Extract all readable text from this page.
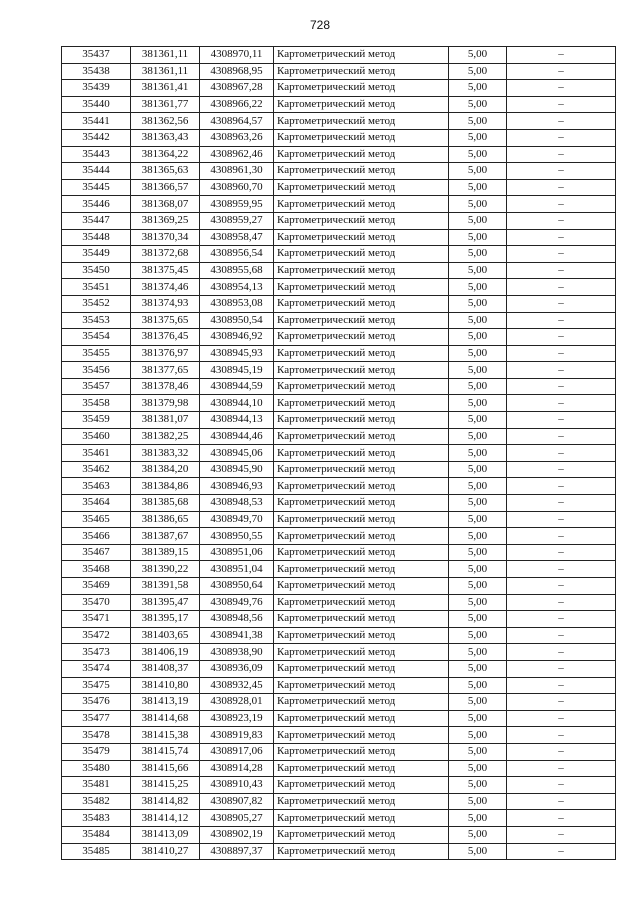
728
35437	381361,11	4308970,11	Картометрический метод	5,00	–
35438	381361,11	4308968,95	Картометрический метод	5,00	–
35439	381361,41	4308967,28	Картометрический метод	5,00	–
35440	381361,77	4308966,22	Картометрический метод	5,00	–
35441	381362,56	4308964,57	Картометрический метод	5,00	–
35442	381363,43	4308963,26	Картометрический метод	5,00	–
35443	381364,22	4308962,46	Картометрический метод	5,00	–
35444	381365,63	4308961,30	Картометрический метод	5,00	–
35445	381366,57	4308960,70	Картометрический метод	5,00	–
35446	381368,07	4308959,95	Картометрический метод	5,00	–
35447	381369,25	4308959,27	Картометрический метод	5,00	–
35448	381370,34	4308958,47	Картометрический метод	5,00	–
35449	381372,68	4308956,54	Картометрический метод	5,00	–
35450	381375,45	4308955,68	Картометрический метод	5,00	–
35451	381374,46	4308954,13	Картометрический метод	5,00	–
35452	381374,93	4308953,08	Картометрический метод	5,00	–
35453	381375,65	4308950,54	Картометрический метод	5,00	–
35454	381376,45	4308946,92	Картометрический метод	5,00	–
35455	381376,97	4308945,93	Картометрический метод	5,00	–
35456	381377,65	4308945,19	Картометрический метод	5,00	–
35457	381378,46	4308944,59	Картометрический метод	5,00	–
35458	381379,98	4308944,10	Картометрический метод	5,00	–
35459	381381,07	4308944,13	Картометрический метод	5,00	–
35460	381382,25	4308944,46	Картометрический метод	5,00	–
35461	381383,32	4308945,06	Картометрический метод	5,00	–
35462	381384,20	4308945,90	Картометрический метод	5,00	–
35463	381384,86	4308946,93	Картометрический метод	5,00	–
35464	381385,68	4308948,53	Картометрический метод	5,00	–
35465	381386,65	4308949,70	Картометрический метод	5,00	–
35466	381387,67	4308950,55	Картометрический метод	5,00	–
35467	381389,15	4308951,06	Картометрический метод	5,00	–
35468	381390,22	4308951,04	Картометрический метод	5,00	–
35469	381391,58	4308950,64	Картометрический метод	5,00	–
35470	381395,47	4308949,76	Картометрический метод	5,00	–
35471	381395,17	4308948,56	Картометрический метод	5,00	–
35472	381403,65	4308941,38	Картометрический метод	5,00	–
35473	381406,19	4308938,90	Картометрический метод	5,00	–
35474	381408,37	4308936,09	Картометрический метод	5,00	–
35475	381410,80	4308932,45	Картометрический метод	5,00	–
35476	381413,19	4308928,01	Картометрический метод	5,00	–
35477	381414,68	4308923,19	Картометрический метод	5,00	–
35478	381415,38	4308919,83	Картометрический метод	5,00	–
35479	381415,74	4308917,06	Картометрический метод	5,00	–
35480	381415,66	4308914,28	Картометрический метод	5,00	–
35481	381415,25	4308910,43	Картометрический метод	5,00	–
35482	381414,82	4308907,82	Картометрический метод	5,00	–
35483	381414,12	4308905,27	Картометрический метод	5,00	–
35484	381413,09	4308902,19	Картометрический метод	5,00	–
35485	381410,27	4308897,37	Картометрический метод	5,00	–
